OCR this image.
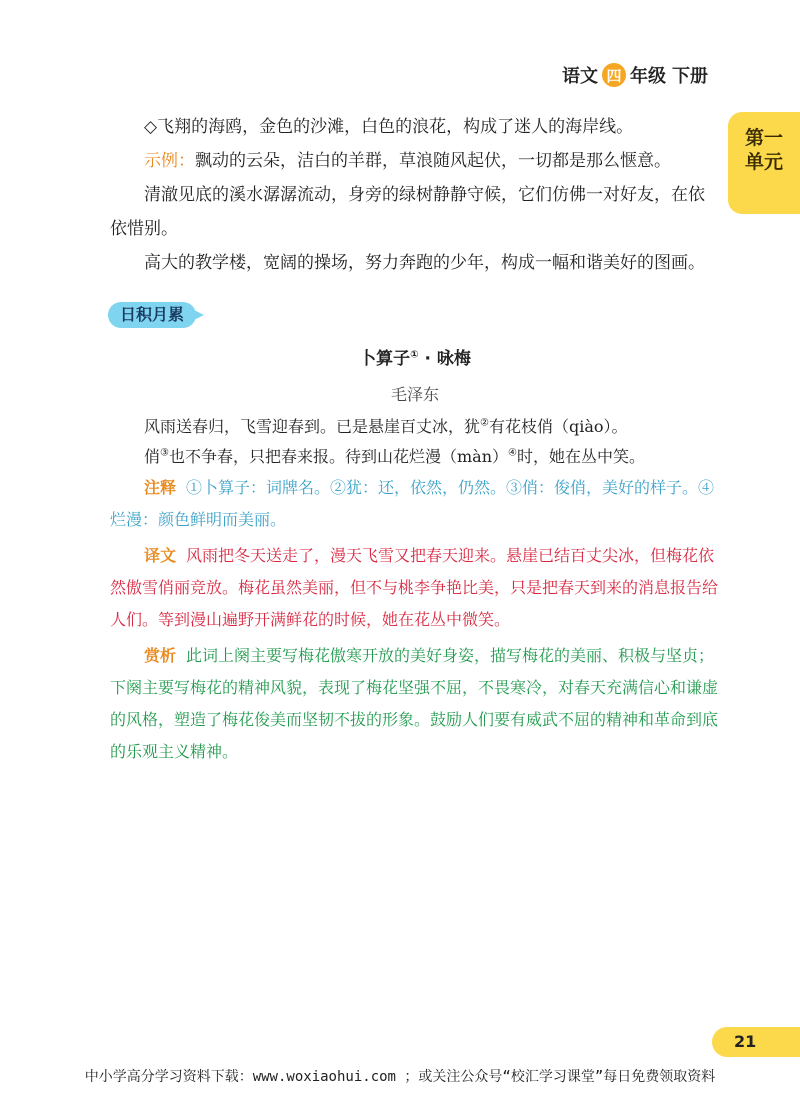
语文 四 年级 下册
第一
单元

◇飞翔的海鸥，金色的沙滩，白色的浪花，构成了迷人的海岸线。

示例：飘动的云朵，洁白的羊群，草浪随风起伏，一切都是那么惬意。

清澈见底的溪水潺潺流动，身旁的绿树静静守候，它们仿佛一对好友，在依依惜别。

高大的教学楼，宽阔的操场，努力奔跑的少年，构成一幅和谐美好的图画。

日积月累
卜算子① · 咏梅
毛泽东

风雨送春归，飞雪迎春到。已是悬崖百丈冰，犹②有花枝俏（qiào）。

俏③也不争春，只把春来报。待到山花烂漫（màn）④时，她在丛中笑。

注释 ①卜算子：词牌名。②犹：还，依然，仍然。③俏：俊俏，美好的样子。④烂漫：颜色鲜明而美丽。

译文 风雨把冬天送走了，漫天飞雪又把春天迎来。悬崖已结百丈尖冰，但梅花依然傲雪俏丽竞放。梅花虽然美丽，但不与桃李争艳比美，只是把春天到来的消息报告给人们。等到漫山遍野开满鲜花的时候，她在花丛中微笑。

赏析 此词上阕主要写梅花傲寒开放的美好身姿，描写梅花的美丽、积极与坚贞；下阕主要写梅花的精神风貌，表现了梅花坚强不屈，不畏寒冷，对春天充满信心和谦虚的风格，塑造了梅花俊美而坚韧不拔的形象。鼓励人们要有威武不屈的精神和革命到底的乐观主义精神。

21
中小学高分学习资料下载：www.woxiaohui.com ；或关注公众号“校汇学习课堂”每日免费领取资料
